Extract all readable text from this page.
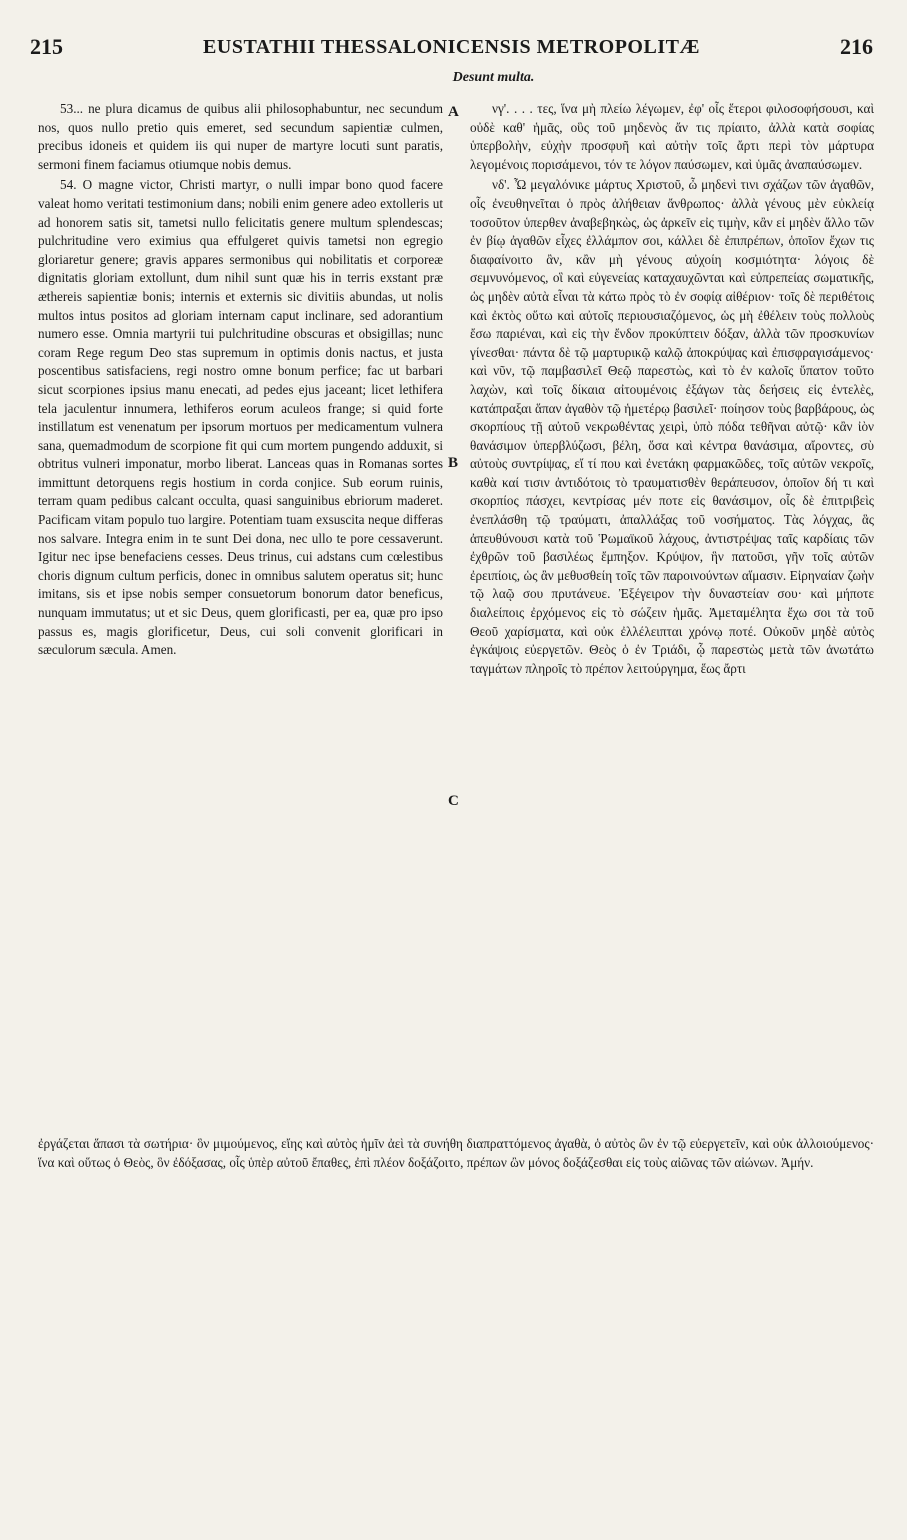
215	EUSTATHII THESSALONICENSIS METROPOLITÆ	216
Desunt multa.
A
B
C

53... ne plura dicamus de quibus alii philosophabuntur, nec secundum nos, quos nullo pretio quis emeret, sed secundum sapientiæ culmen, precibus idoneis et quidem iis qui nuper de martyre locuti sunt paratis, sermoni finem faciamus otiumque nobis demus.

54. O magne victor, Christi martyr, o nulli impar bono quod facere valeat homo veritati testimonium dans; nobili enim genere adeo extolleris ut ad honorem satis sit, tametsi nullo felicitatis genere multum splendescas; pulchritudine vero eximius qua effulgeret quivis tametsi non egregio gloriaretur genere; gravis appares sermonibus qui nobilitatis et corporeæ dignitatis gloriam extollunt, dum nihil sunt quæ his in terris exstant præ æthereis sapientiæ bonis; internis et externis sic divitiis abundas, ut nolis multos intus positos ad gloriam internam caput inclinare, sed adorantium numero esse. Omnia martyrii tui pulchritudine obscuras et obsigillas; nunc coram Rege regum Deo stas supremum in optimis donis nactus, et justa poscentibus satisfaciens, regi nostro omne bonum perfice; fac ut barbari sicut scorpiones ipsius manu enecati, ad pedes ejus jaceant; licet lethifera tela jaculentur innumera, lethiferos eorum aculeos frange; si quid forte instillatum est venenatum per ipsorum mortuos per medicamentum vulnera sana, quemadmodum de scorpione fit qui cum mortem pungendo adduxit, si obtritus vulneri imponatur, morbo liberat. Lanceas quas in Romanas sortes immittunt detorquens regis hostium in corda conjice. Sub eorum ruinis, terram quam pedibus calcant occulta, quasi sanguinibus ebriorum maderet. Pacificam vitam populo tuo largire. Potentiam tuam exsuscita neque differas nos salvare. Integra enim in te sunt Dei dona, nec ullo te pore cessaverunt. Igitur nec ipse benefaciens cesses. Deus trinus, cui adstans cum cœlestibus choris dignum cultum perficis, donec in omnibus salutem operatus sit; hunc imitans, sis et ipse nobis semper consuetorum bonorum dator beneficus, nunquam immutatus; ut et sic Deus, quem glorificasti, per ea, quæ pro ipso passus es, magis glorificetur, Deus, cui soli convenit glorificari in sæculorum sæcula. Amen.

νγ'. . . . τες, ἵνα μὴ πλείω λέγωμεν, ἐφ' οἷς ἕτεροι φιλοσοφήσουσι, καὶ οὐδὲ καθ' ἡμᾶς, οὓς τοῦ μηδενὸς ἄν τις πρίαιτο, ἀλλὰ κατὰ σοφίας ὑπερβολὴν, εὐχὴν προσφυῆ καὶ αὐτὴν τοῖς ἄρτι περὶ τὸν μάρτυρα λεγομένοις πορισάμενοι, τόν τε λόγον παύσωμεν, καὶ ὑμᾶς ἀναπαύσωμεν.

νδ'. Ὦ μεγαλόνικε μάρτυς Χριστοῦ, ὦ μηδενὶ τινι σχάζων τῶν ἀγαθῶν, οἷς ἐνευθηνεῖται ὁ πρὸς ἀλήθειαν ἄνθρωπος· ἀλλὰ γένους μὲν εὐκλείᾳ τοσοῦτον ὑπερθεν ἀναβεβηκὼς, ὡς ἀρκεῖν εἰς τιμὴν, κἂν εἰ μηδὲν ἄλλο τῶν ἐν βίῳ ἀγαθῶν εἶχες ἐλλάμπον σοι, κάλλει δὲ ἐπιπρέπων, ὁποῖον ἔχων τις διαφαίνοιτο ἂν, κἂν μὴ γένους αὐχοίη κοσμιότητα· λόγοις δὲ σεμνυνόμενος, οἳ καὶ εὐγενείας καταχαυχῶνται καὶ εὐπρεπείας σωματικῆς, ὡς μηδὲν αὐτὰ εἶναι τὰ κάτω πρὸς τὸ ἐν σοφίᾳ αἰθέριον· τοῖς δὲ περιθέτοις καὶ ἐκτὸς οὕτω καὶ αὐτοῖς περιουσιαζόμενος, ὡς μὴ ἐθέλειν τοὺς πολλοὺς ἔσω παριέναι, καὶ εἰς τὴν ἔνδον προκύπτειν δόξαν, ἀλλὰ τῶν προσκυνίων γίνεσθαι· πάντα δὲ τῷ μαρτυρικῷ καλῷ ἀποκρύψας καὶ ἐπισφραγισάμενος· καὶ νῦν, τῷ παμβασιλεῖ Θεῷ παρεστὼς, καὶ τὸ ἐν καλοῖς ὕπατον τοῦτο λαχὼν, καὶ τοῖς δίκαια αἰτουμένοις ἐξάγων τὰς δεήσεις εἰς ἐντελὲς, κατάπραξαι ἅπαν ἀγαθὸν τῷ ἡμετέρῳ βασιλεῖ· ποίησον τοὺς βαρβάρους, ὡς σκορπίους τῇ αὐτοῦ νεκρωθέντας χειρὶ, ὑπὸ πόδα τεθῆναι αὐτῷ· κἂν ἰὸν θανάσιμον ὑπερβλύζωσι, βέλη, ὅσα καὶ κέντρα θανάσιμα, αἴροντες, σὺ αὐτοὺς συντρίψας, εἴ τί που καὶ ἐνετάκη φαρμακῶδες, τοῖς αὐτῶν νεκροῖς, καθὰ καί τισιν ἀντιδότοις τὸ τραυματισθὲν θεράπευσον, ὁποῖον δή τι καὶ σκορπίος πάσχει, κεντρίσας μέν ποτε εἰς θανάσιμον, οἷς δὲ ἐπιτριβεὶς ἐνεπλάσθη τῷ τραύματι, ἀπαλλάξας τοῦ νοσήματος. Τὰς λόγχας, ἃς ἀπευθύνουσι κατὰ τοῦ Ῥωμαϊκοῦ λάχους, ἀντιστρέψας ταῖς καρδίαις τῶν ἐχθρῶν τοῦ βασιλέως ἔμπηξον. Κρύψον, ἣν πατοῦσι, γῆν τοῖς αὐτῶν ἐρειπίοις, ὡς ἂν μεθυσθείη τοῖς τῶν παροινούντων αἵμασιν. Εἰρηναίαν ζωὴν τῷ λαῷ σου πρυτάνευε. Ἐξέγειρον τὴν δυναστείαν σου· καὶ μήποτε διαλείποις ἐρχόμενος εἰς τὸ σώζειν ἡμᾶς. Ἀμεταμέλητα ἔχω σοι τὰ τοῦ Θεοῦ χαρίσματα, καὶ οὐκ ἐλλέλειπται χρόνῳ ποτέ. Οὐκοῦν μηδὲ αὐτὸς ἐγκάψοις εὐεργετῶν. Θεὸς ὁ ἐν Τριάδι, ᾧ παρεστὼς μετὰ τῶν ἀνωτάτω ταγμάτων πληροῖς τὸ πρέπον λειτούργημα, ἕως ἄρτι

ἐργάζεται ἅπασι τὰ σωτήρια· ὃν μιμούμενος, εἴης καὶ αὐτὸς ἡμῖν ἀεὶ τὰ συνήθη διαπραττόμενος ἀγαθὰ, ὁ αὐτὸς ὢν ἐν τῷ εὐεργετεῖν, καὶ οὐκ ἀλλοιούμενος· ἵνα καὶ οὕτως ὁ Θεὸς, ὃν ἐδόξασας, οἷς ὑπὲρ αὐτοῦ ἔπαθες, ἐπὶ πλέον δοξάζοιτο, πρέπων ὢν μόνος δοξάζεσθαι εἰς τοὺς αἰῶνας τῶν αἰώνων. Ἀμήν.
